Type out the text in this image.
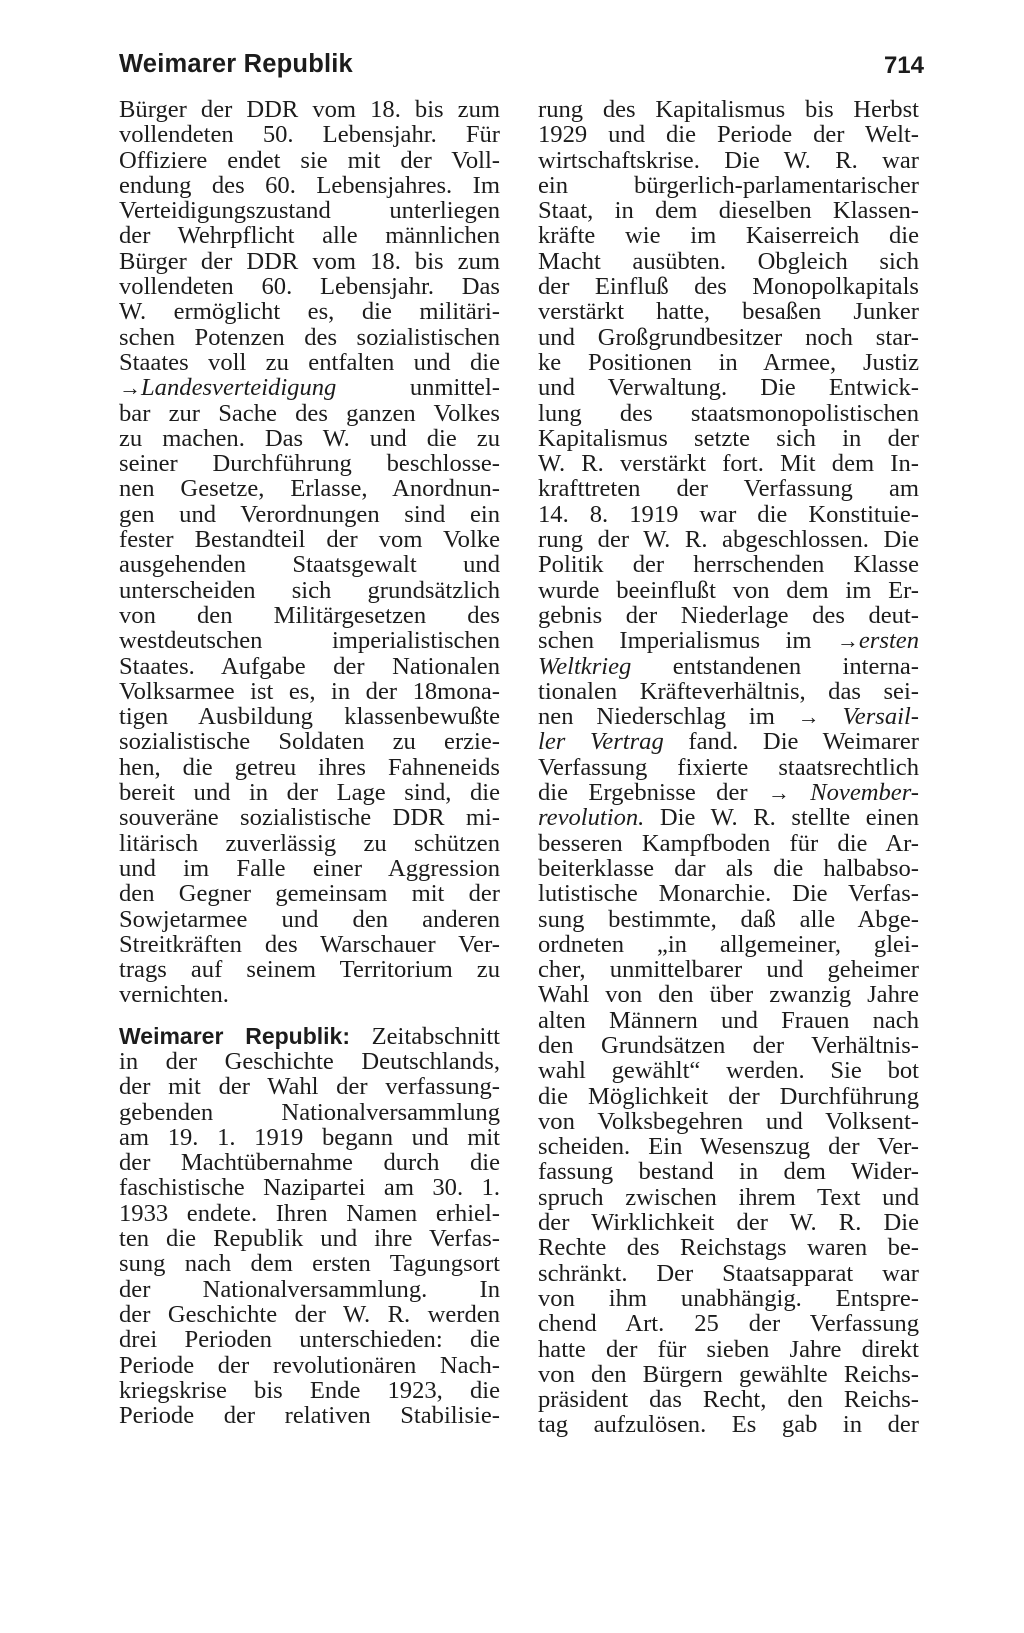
Weimarer Republik	714
Bürger der DDR vom 18. bis zum
vollendeten 50. Lebensjahr. Für
Offiziere endet sie mit der Voll-
endung des 60. Lebensjahres. Im
Verteidigungszustand unterliegen
der Wehrpflicht alle männlichen
Bürger der DDR vom 18. bis zum
vollendeten 60. Lebensjahr. Das
W. ermöglicht es, die militäri-
schen Potenzen des sozialistischen
Staates voll zu entfalten und die
→Landesverteidigung unmittel-
bar zur Sache des ganzen Volkes
zu machen. Das W. und die zu
seiner Durchführung beschlosse-
nen Gesetze, Erlasse, Anordnun-
gen und Verordnungen sind ein
fester Bestandteil der vom Volke
ausgehenden Staatsgewalt und
unterscheiden sich grundsätzlich
von den Militärgesetzen des
westdeutschen imperialistischen
Staates. Aufgabe der Nationalen
Volksarmee ist es, in der 18mona-
tigen Ausbildung klassenbewußte
sozialistische Soldaten zu erzie-
hen, die getreu ihres Fahneneids
bereit und in der Lage sind, die
souveräne sozialistische DDR mi-
litärisch zuverlässig zu schützen
und im Falle einer Aggression
den Gegner gemeinsam mit der
Sowjetarmee und den anderen
Streitkräften des Warschauer Ver-
trags auf seinem Territorium zu
vernichten.
Weimarer Republik: Zeitabschnitt
in der Geschichte Deutschlands,
der mit der Wahl der verfassung-
gebenden Nationalversammlung
am 19. 1. 1919 begann und mit
der Machtübernahme durch die
faschistische Nazipartei am 30. 1.
1933 endete. Ihren Namen erhiel-
ten die Republik und ihre Verfas-
sung nach dem ersten Tagungsort
der Nationalversammlung. In
der Geschichte der W. R. werden
drei Perioden unterschieden: die
Periode der revolutionären Nach-
kriegskrise bis Ende 1923, die
Periode der relativen Stabilisie-
rung des Kapitalismus bis Herbst
1929 und die Periode der Welt-
wirtschaftskrise. Die W. R. war
ein bürgerlich-parlamentarischer
Staat, in dem dieselben Klassen-
kräfte wie im Kaiserreich die
Macht ausübten. Obgleich sich
der Einfluß des Monopolkapitals
verstärkt hatte, besaßen Junker
und Großgrundbesitzer noch star-
ke Positionen in Armee, Justiz
und Verwaltung. Die Entwick-
lung des staatsmonopolistischen
Kapitalismus setzte sich in der
W. R. verstärkt fort. Mit dem In-
krafttreten der Verfassung am
14. 8. 1919 war die Konstituie-
rung der W. R. abgeschlossen. Die
Politik der herrschenden Klasse
wurde beeinflußt von dem im Er-
gebnis der Niederlage des deut-
schen Imperialismus im →ersten
Weltkrieg entstandenen interna-
tionalen Kräfteverhältnis, das sei-
nen Niederschlag im → Versail-
ler Vertrag fand. Die Weimarer
Verfassung fixierte staatsrechtlich
die Ergebnisse der → November-
revolution. Die W. R. stellte einen
besseren Kampfboden für die Ar-
beiterklasse dar als die halbabso-
lutistische Monarchie. Die Verfas-
sung bestimmte, daß alle Abge-
ordneten „in allgemeiner, glei-
cher, unmittelbarer und geheimer
Wahl von den über zwanzig Jahre
alten Männern und Frauen nach
den Grundsätzen der Verhältnis-
wahl gewählt“ werden. Sie bot
die Möglichkeit der Durchführung
von Volksbegehren und Volksent-
scheiden. Ein Wesenszug der Ver-
fassung bestand in dem Wider-
spruch zwischen ihrem Text und
der Wirklichkeit der W. R. Die
Rechte des Reichstags waren be-
schränkt. Der Staatsapparat war
von ihm unabhängig. Entspre-
chend Art. 25 der Verfassung
hatte der für sieben Jahre direkt
von den Bürgern gewählte Reichs-
präsident das Recht, den Reichs-
tag aufzulösen. Es gab in der
